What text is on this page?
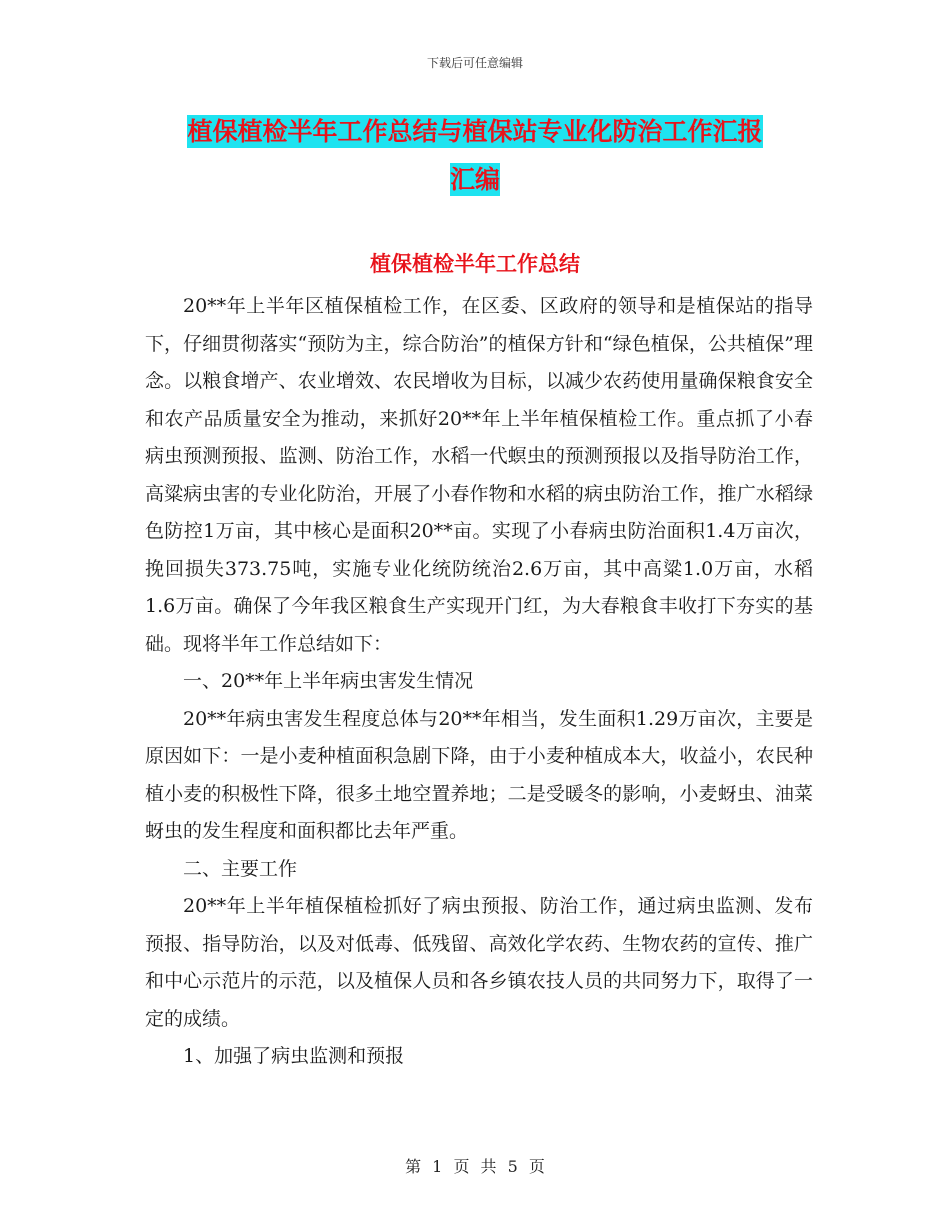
下载后可任意编辑
植保植检半年工作总结与植保站专业化防治工作汇报
汇编
植保植检半年工作总结

20**年上半年区植保植检工作，在区委、区政府的领导和是植保站的指导下，仔细贯彻落实“预防为主，综合防治”的植保方针和“绿色植保，公共植保”理念。以粮食增产、农业增效、农民增收为目标，以减少农药使用量确保粮食安全和农产品质量安全为推动，来抓好20**年上半年植保植检工作。重点抓了小春病虫预测预报、监测、防治工作，水稻一代螟虫的预测预报以及指导防治工作，高粱病虫害的专业化防治，开展了小春作物和水稻的病虫防治工作，推广水稻绿色防控1万亩，其中核心是面积20**亩。实现了小春病虫防治面积1.4万亩次，挽回损失373.75吨，实施专业化统防统治2.6万亩，其中高粱1.0万亩，水稻1.6万亩。确保了今年我区粮食生产实现开门红，为大春粮食丰收打下夯实的基础。现将半年工作总结如下：

一、20**年上半年病虫害发生情况

20**年病虫害发生程度总体与20**年相当，发生面积1.29万亩次，主要是原因如下：一是小麦种植面积急剧下降，由于小麦种植成本大，收益小，农民种植小麦的积极性下降，很多土地空置养地；二是受暖冬的影响，小麦蚜虫、油菜蚜虫的发生程度和面积都比去年严重。

二、主要工作

20**年上半年植保植检抓好了病虫预报、防治工作，通过病虫监测、发布预报、指导防治，以及对低毒、低残留、高效化学农药、生物农药的宣传、推广和中心示范片的示范，以及植保人员和各乡镇农技人员的共同努力下，取得了一定的成绩。

1、加强了病虫监测和预报

第 1 页 共 5 页
